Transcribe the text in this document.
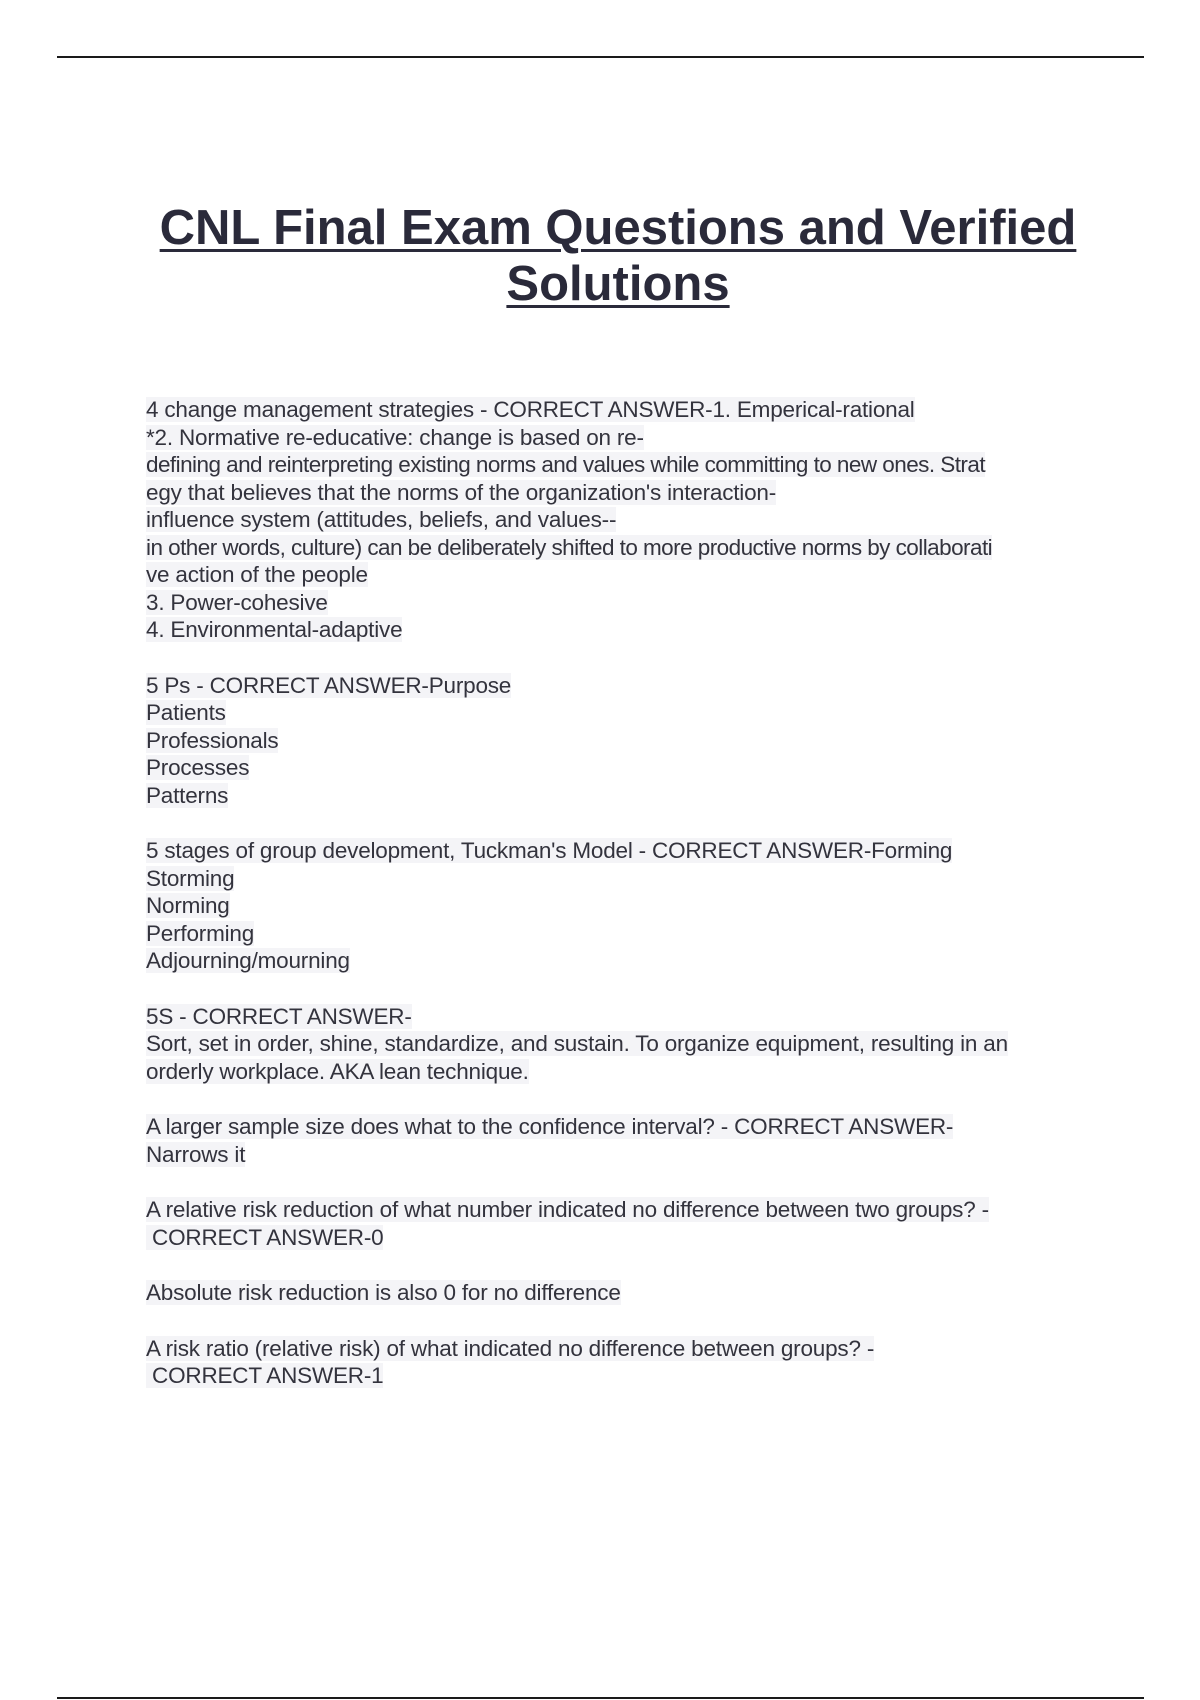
CNL Final Exam Questions and Verified
Solutions
4 change management strategies - CORRECT ANSWER-1. Emperical-rational
*2. Normative re-educative: change is based on re-
defining and reinterpreting existing norms and values while committing to new ones. Strat
egy that believes that the norms of the organization's interaction-
influence system (attitudes, beliefs, and values--
in other words, culture) can be deliberately shifted to more productive norms by collaborati
ve action of the people
3. Power-cohesive
4. Environmental-adaptive
5 Ps - CORRECT ANSWER-Purpose
Patients
Professionals
Processes
Patterns
5 stages of group development, Tuckman's Model - CORRECT ANSWER-Forming
Storming
Norming
Performing
Adjourning/mourning
5S - CORRECT ANSWER-
Sort, set in order, shine, standardize, and sustain. To organize equipment, resulting in an
orderly workplace. AKA lean technique.
A larger sample size does what to the confidence interval? - CORRECT ANSWER-
Narrows it
A relative risk reduction of what number indicated no difference between two groups? -
CORRECT ANSWER-0
Absolute risk reduction is also 0 for no difference
A risk ratio (relative risk) of what indicated no difference between groups? -
CORRECT ANSWER-1
